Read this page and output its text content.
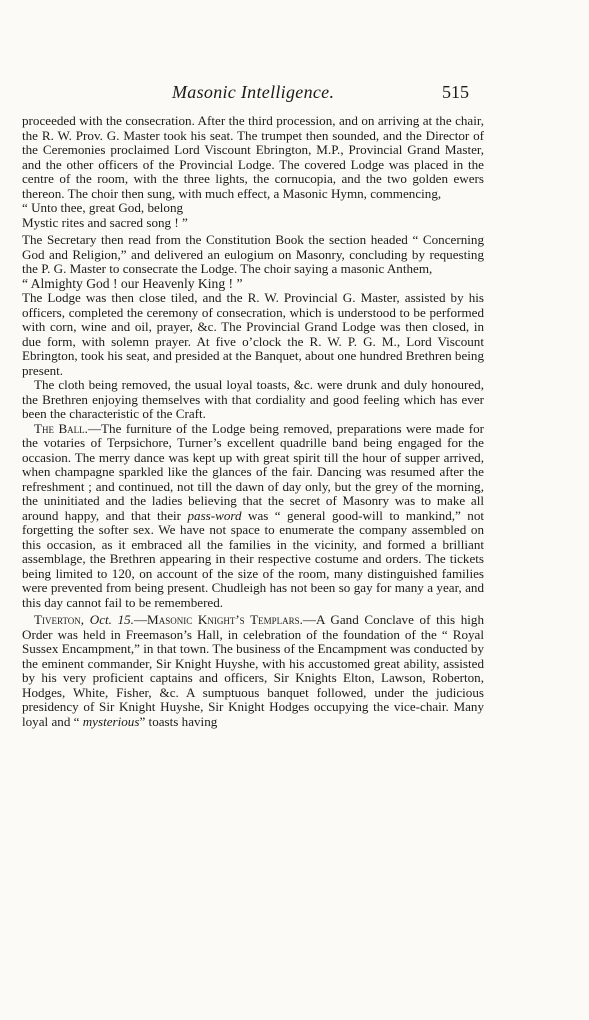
Masonic Intelligence.	515

proceeded with the consecration. After the third procession, and on arriving at the chair, the R. W. Prov. G. Master took his seat. The trumpet then sounded, and the Director of the Ceremonies proclaimed Lord Viscount Ebrington, M.P., Provincial Grand Master, and the other officers of the Provincial Lodge. The covered Lodge was placed in the centre of the room, with the three lights, the cornucopia, and the two golden ewers thereon. The choir then sung, with much effect, a Masonic Hymn, commencing,

“ Unto thee, great God, belong

Mystic rites and sacred song ! ”

The Secretary then read from the Constitution Book the section headed “ Concerning God and Religion,” and delivered an eulogium on Masonry, concluding by requesting the P. G. Master to consecrate the Lodge. The choir saying a masonic Anthem,

“ Almighty God ! our Heavenly King ! ”

The Lodge was then close tiled, and the R. W. Provincial G. Master, assisted by his officers, completed the ceremony of consecration, which is understood to be performed with corn, wine and oil, prayer, &c. The Provincial Grand Lodge was then closed, in due form, with solemn prayer. At five o’clock the R. W. P. G. M., Lord Viscount Ebrington, took his seat, and presided at the Banquet, about one hundred Brethren being present.

The cloth being removed, the usual loyal toasts, &c. were drunk and duly honoured, the Brethren enjoying themselves with that cordiality and good feeling which has ever been the characteristic of the Craft.

The Ball.—The furniture of the Lodge being removed, preparations were made for the votaries of Terpsichore, Turner’s excellent quadrille band being engaged for the occasion. The merry dance was kept up with great spirit till the hour of supper arrived, when champagne sparkled like the glances of the fair. Dancing was resumed after the refreshment ; and continued, not till the dawn of day only, but the grey of the morning, the uninitiated and the ladies believing that the secret of Masonry was to make all around happy, and that their pass-word was “ general good-will to mankind,” not forgetting the softer sex. We have not space to enumerate the company assembled on this occasion, as it embraced all the families in the vicinity, and formed a brilliant assemblage, the Brethren appearing in their respective costume and orders. The tickets being limited to 120, on account of the size of the room, many distinguished families were prevented from being present. Chudleigh has not been so gay for many a year, and this day cannot fail to be remembered.

Tiverton, Oct. 15.—Masonic Knight’s Templars.—A Gand Conclave of this high Order was held in Freemason’s Hall, in celebration of the foundation of the “ Royal Sussex Encampment,” in that town. The business of the Encampment was conducted by the eminent commander, Sir Knight Huyshe, with his accustomed great ability, assisted by his very proficient captains and officers, Sir Knights Elton, Lawson, Roberton, Hodges, White, Fisher, &c. A sumptuous banquet followed, under the judicious presidency of Sir Knight Huyshe, Sir Knight Hodges occupying the vice-chair. Many loyal and “ mysterious” toasts having
